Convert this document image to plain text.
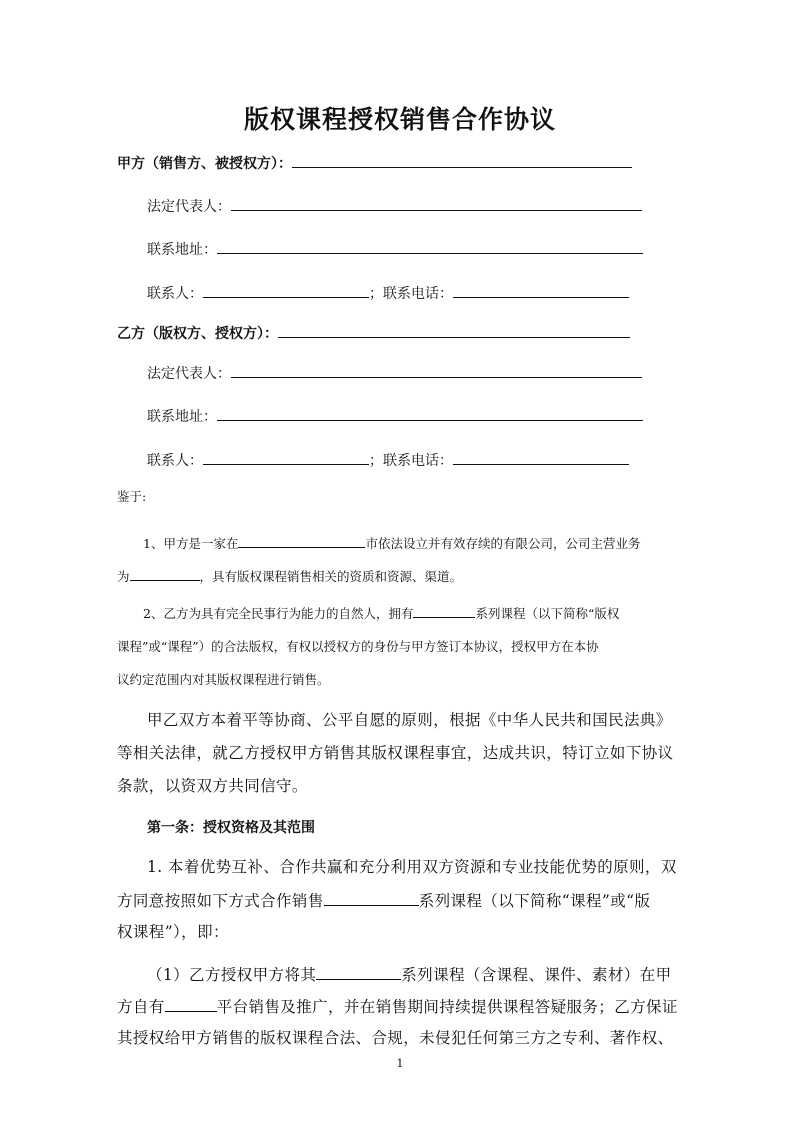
版权课程授权销售合作协议
甲方（销售方、被授权方）：
法定代表人：
联系地址：
联系人：	；联系电话：
乙方（版权方、授权方）：
法定代表人：
联系地址：
联系人：	；联系电话：
鉴于:
1、甲方是一家在	市依法设立并有效存续的有限公司，公司主营业务
为	，具有版权课程销售相关的资质和资源、渠道。
2、乙方为具有完全民事行为能力的自然人，拥有	系列课程（以下简称“版权
课程”或“课程”）的合法版权，有权以授权方的身份与甲方签订本协议，授权甲方在本协
议约定范围内对其版权课程进行销售。
甲乙双方本着平等协商、公平自愿的原则，根据《中华人民共和国民法典》
等相关法律，就乙方授权甲方销售其版权课程事宜，达成共识，特订立如下协议
条款，以资双方共同信守。
第一条：授权资格及其范围
1. 本着优势互补、合作共赢和充分利用双方资源和专业技能优势的原则，双
方同意按照如下方式合作销售	系列课程（以下简称“课程”或“版
权课程”），即：
（1）乙方授权甲方将其	系列课程（含课程、课件、素材）在甲
方自有	平台销售及推广，并在销售期间持续提供课程答疑服务；乙方保证
其授权给甲方销售的版权课程合法、合规，未侵犯任何第三方之专利、著作权、
1
